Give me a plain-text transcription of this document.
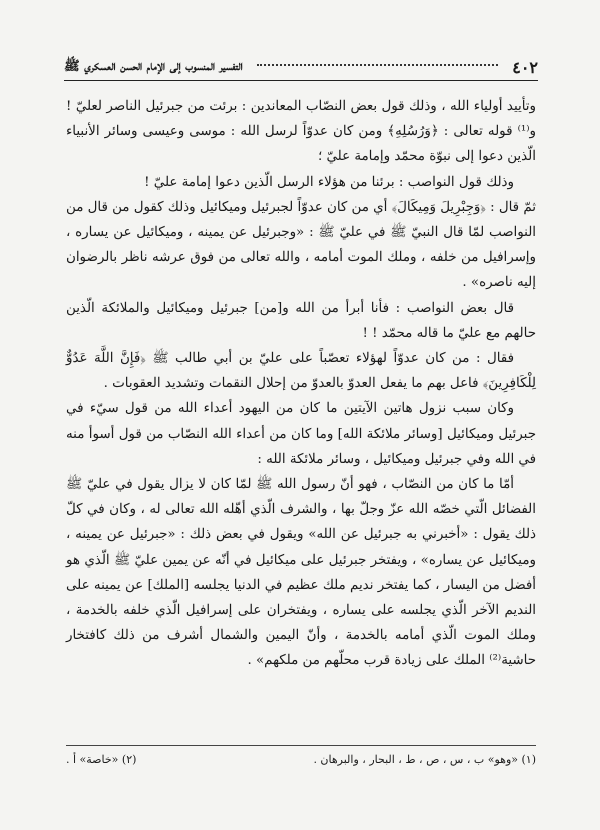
٤٠٢
التفسير المنسوب إلى الإمام الحسن العسكري ﷺ

وتأييد أولياء الله ، وذلك قول بعض النصّاب المعاندين : برئت من جبرئيل الناصر لعليّ ! و⁽¹⁾ قوله تعالى : ﴿وَرُسُلِهِ﴾ ومن كان عدوّاً لرسل الله : موسى وعيسى وسائر الأنبياء الّذين دعوا إلى نبوّة محمّد وإمامة عليّ ؛

وذلك قول النواصب : برئنا من هؤلاء الرسل الّذين دعوا إمامة عليّ !

ثمّ قال : ﴿وَجِبْرِيلَ وَمِيكَالَ﴾ أي من كان عدوّاً لجبرئيل وميكائيل وذلك كقول من قال من النواصب لمّا قال النبيّ ﷺ في عليّ ﷺ : «وجبرئيل عن يمينه ، وميكائيل عن يساره ، وإسرافيل من خلفه ، وملك الموت أمامه ، والله تعالى من فوق عرشه ناظر بالرضوان إليه ناصره» .

قال بعض النواصب : فأنا أبرأ من الله و[من] جبرئيل وميكائيل والملائكة الّذين حالهم مع عليّ ما قاله محمّد ! !

فقال : من كان عدوّاً لهؤلاء تعصّباً على عليّ بن أبي طالب ﷺ ﴿فَإِنَّ اللَّهَ عَدُوٌّ لِلْكَافِرِينَ﴾ فاعل بهم ما يفعل العدوّ بالعدوّ من إحلال النقمات وتشديد العقوبات .

وكان سبب نزول هاتين الآيتين ما كان من اليهود أعداء الله من قول سيّء في جبرئيل وميكائيل [وسائر ملائكة الله] وما كان من أعداء الله النصّاب من قول أسوأ منه في الله وفي جبرئيل وميكائيل ، وسائر ملائكة الله :

أمّا ما كان من النصّاب ، فهو أنّ رسول الله ﷺ لمّا كان لا يزال يقول في عليّ ﷺ الفضائل الّتي خصّه الله عزّ وجلّ بها ، والشرف الّذي أهّله الله تعالى له ، وكان في كلّ ذلك يقول : «أخبرني به جبرئيل عن الله» ويقول في بعض ذلك : «جبرئيل عن يمينه ، وميكائيل عن يساره» ، ويفتخر جبرئيل على ميكائيل في أنّه عن يمين عليّ ﷺ الّذي هو أفضل من اليسار ، كما يفتخر نديم ملك عظيم في الدنيا يجلسه [الملك] عن يمينه على النديم الآخر الّذي يجلسه على يساره ، ويفتخران على إسرافيل الّذي خلفه بالخدمة ، وملك الموت الّذي أمامه بالخدمة ، وأنّ اليمين والشمال أشرف من ذلك كافتخار حاشية⁽²⁾ الملك على زيادة قرب محلّهم من ملكهم» .

(١) «وهو» ب ، س ، ص ، ط ، البحار ، والبرهان .
(٢) «خاصة» أ .
